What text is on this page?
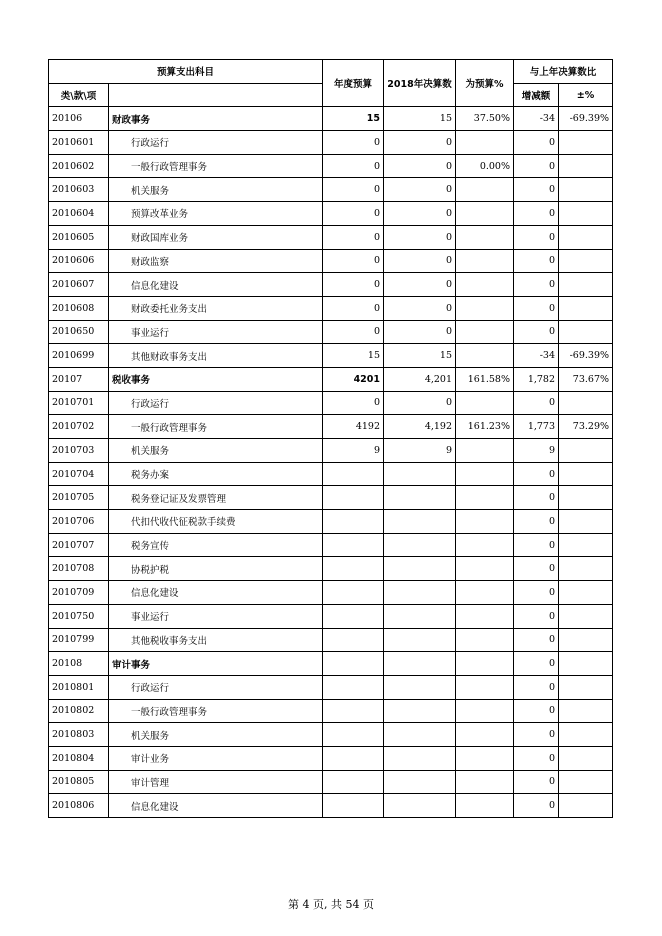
预算支出科目		年度预算	2018年决算数	为预算%	与上年决算数比	
类\款\项					增减额	±%
20106	财政事务	15	15	37.50%	-34	-69.39%
2010601	行政运行	0	0		0	
2010602	一般行政管理事务	0	0	0.00%	0	
2010603	机关服务	0	0		0	
2010604	预算改革业务	0	0		0	
2010605	财政国库业务	0	0		0	
2010606	财政监察	0	0		0	
2010607	信息化建设	0	0		0	
2010608	财政委托业务支出	0	0		0	
2010650	事业运行	0	0		0	
2010699	其他财政事务支出	15	15		-34	-69.39%
20107	税收事务	4201	4,201	161.58%	1,782	73.67%
2010701	行政运行	0	0		0	
2010702	一般行政管理事务	4192	4,192	161.23%	1,773	73.29%
2010703	机关服务	9	9		9	
2010704	税务办案				0	
2010705	税务登记证及发票管理				0	
2010706	代扣代收代征税款手续费				0	
2010707	税务宣传				0	
2010708	协税护税				0	
2010709	信息化建设				0	
2010750	事业运行				0	
2010799	其他税收事务支出				0	
20108	审计事务				0	
2010801	行政运行				0	
2010802	一般行政管理事务				0	
2010803	机关服务				0	
2010804	审计业务				0	
2010805	审计管理				0	
2010806	信息化建设				0	
第 4 页, 共 54 页
